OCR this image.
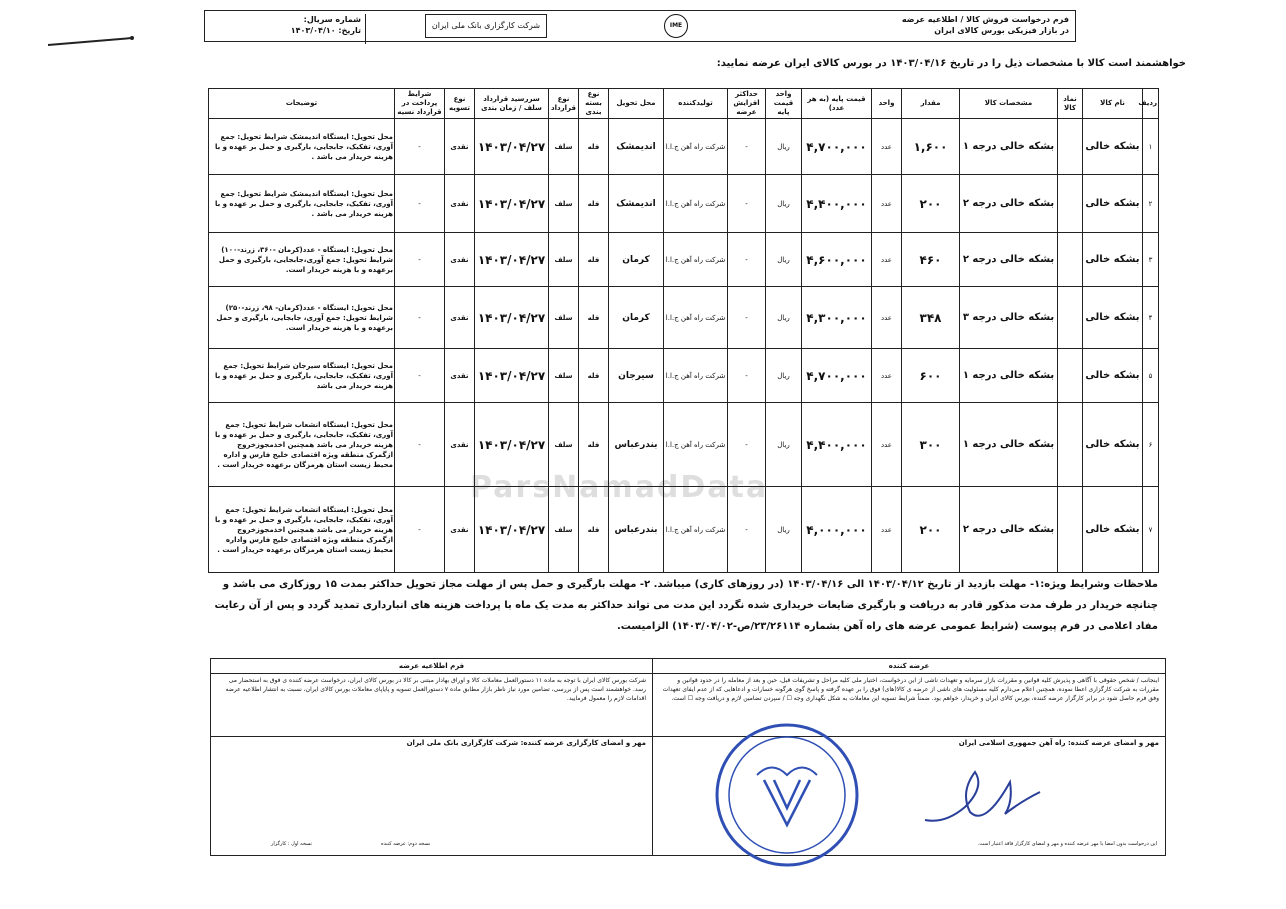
فرم درخواست فروش کالا / اطلاعیه عرضه
در بازار فیزیکی بورس کالای ایران
شماره سریال:
تاریخ: ۱۴۰۳/۰۴/۱۰
شرکت کارگزاری بانک ملی ایران	IME
خواهشمند است کالا با مشخصات ذیل را در تاریخ ۱۴۰۳/۰۴/۱۶ در بورس کالای ایران عرضه نمایید:
ParsNamadData
ردیف	نام کالا	نماد کالا	مشخصات کالا	مقدار	واحد	قیمت پایه (به هر عدد)	واحد قیمت پایه	حداکثر افزایش عرضه	تولیدکننده	محل تحویل	نوع بسته بندی	نوع قرارداد	سررسید قرارداد سلف / زمان بندی	نوع تسویه	شرایط پرداخت در قرارداد نسیه	توضیحات
۱	بشکه خالی		بشکه خالی درجه ۱	۱,۶۰۰	عدد	۴,۷۰۰,۰۰۰	ریال	-	شرکت راه آهن ج.ا.ا	اندیمشک	فله	سلف	۱۴۰۳/۰۴/۲۷	نقدی	-	محل تحویل: ایستگاه اندیمشک شرایط تحویل: جمع آوری، تفکیک، جابجایی، بارگیری و حمل بر عهده و با هزینه خریدار می باشد .
۲	بشکه خالی		بشکه خالی درجه ۲	۲۰۰	عدد	۴,۴۰۰,۰۰۰	ریال	-	شرکت راه آهن ج.ا.ا	اندیمشک	فله	سلف	۱۴۰۳/۰۴/۲۷	نقدی	-	محل تحویل: ایستگاه اندیمشک شرایط تحویل: جمع آوری، تفکیک، جابجایی، بارگیری و حمل بر عهده و با هزینه خریدار می باشد .
۳	بشکه خالی		بشکه خالی درجه ۲	۴۶۰	عدد	۴,۶۰۰,۰۰۰	ریال	-	شرکت راه آهن ج.ا.ا	کرمان	فله	سلف	۱۴۰۳/۰۴/۲۷	نقدی	-	محل تحویل: ایستگاه - عدد(کرمان -۳۶۰، زرند-۱۰۰) شرایط تحویل: جمع آوری،جابجایی، بارگیری و حمل برعهده و با هزینه خریدار است.
۴	بشکه خالی		بشکه خالی درجه ۳	۳۴۸	عدد	۴,۳۰۰,۰۰۰	ریال	-	شرکت راه آهن ج.ا.ا	کرمان	فله	سلف	۱۴۰۳/۰۴/۲۷	نقدی	-	محل تحویل: ایستگاه - عدد(کرمان- ۹۸، زرند-۲۵۰) شرایط تحویل: جمع آوری، جابجایی، بارگیری و حمل برعهده و با هزینه خریدار است.
۵	بشکه خالی		بشکه خالی درجه ۱	۶۰۰	عدد	۴,۷۰۰,۰۰۰	ریال	-	شرکت راه آهن ج.ا.ا	سیرجان	فله	سلف	۱۴۰۳/۰۴/۲۷	نقدی	-	محل تحویل: ایستگاه سیرجان شرایط تحویل: جمع آوری، تفکیک، جابجایی، بارگیری و حمل بر عهده و با هزینه خریدار می باشد
۶	بشکه خالی		بشکه خالی درجه ۱	۳۰۰	عدد	۴,۴۰۰,۰۰۰	ریال	-	شرکت راه آهن ج.ا.ا	بندرعباس	فله	سلف	۱۴۰۳/۰۴/۲۷	نقدی	-	محل تحویل: ایستگاه انشعاب شرایط تحویل: جمع آوری، تفکیک، جابجایی، بارگیری و حمل بر عهده و با هزینه خریدار می باشد همچنین اخذمجوزخروج ازگمرک منطقه ویژه اقتصادی خلیج فارس و اداره محیط زیست استان هرمزگان برعهده خریدار است .
۷	بشکه خالی		بشکه خالی درجه ۲	۲۰۰	عدد	۴,۰۰۰,۰۰۰	ریال	-	شرکت راه آهن ج.ا.ا	بندرعباس	فله	سلف	۱۴۰۳/۰۴/۲۷	نقدی	-	محل تحویل: ایستگاه انشعاب شرایط تحویل: جمع آوری، تفکیک، جابجایی، بارگیری و حمل بر عهده و با هزینه خریدار می باشد همچنین اخذمجوزخروج ازگمرک منطقه ویژه اقتصادی خلیج فارس واداره محیط زیست استان هرمزگان برعهده خریدار است .
ملاحظات وشرایط ویژه:۱- مهلت بازدید از تاریخ ۱۴۰۳/۰۴/۱۲ الی ۱۴۰۳/۰۴/۱۶ (در روزهای کاری) میباشد. ۲- مهلت بارگیری و حمل پس از مهلت مجاز تحویل حداکثر بمدت ۱۵ روزکاری می باشد و چنانچه خریدار در طرف مدت مذکور قادر به دریافت و بارگیری ضایعات خریداری شده نگردد این مدت می تواند حداکثر به مدت یک ماه با پرداخت هزینه های انبارداری تمدید گردد و پس از آن رعایت مفاد اعلامی در فرم پیوست (شرایط عمومی عرضه های راه آهن بشماره ۲۳/۲۶۱۱۴/ص-۱۴۰۳/۰۴/۰۲) الزامیست.
عرضه کننده
اینجانب / شخص حقوقی با آگاهی و پذیرش کلیه قوانین و مقررات بازار سرمایه و تعهدات ناشی از این درخواست، اختیار ملی کلیه مراحل و تشریفات قبل، حین و بعد از معامله را در حدود قوانین و مقررات به شرکت کارگزاری اعطا نموده، همچنین اعلام می‌دارم کلیه مسئولیت های ناشی از عرضه ی کالا(های) فوق را بر عهده گرفته و پاسخ گوی هرگونه خسارات و ادعاهایی که از عدم ایفای تعهدات وفق فرم حاصل شود در برابر کارگزار عرضه کننده، بورس کالای ایران و خریدار، خواهم بود. ضمناً شرایط تسویه این معاملات به شکل نگهداری وجه ☐ / سپردن تضامین لازم و دریافت وجه ☐ است.
مهر و امضای عرضه کننده: راه آهن جمهوری اسلامی ایران
این درخواست بدون امضا یا مهر عرضه کننده و مهر و امضای کارگزار فاقد اعتبار است.
فرم اطلاعیه عرضه
شرکت بورس کالای ایران با توجه به ماده ۱۱ دستورالعمل معاملات کالا و اوراق بهادار مبتنی بر کالا در بورس کالای ایران، درخواست عرضه کننده ی فوق به استحضار می رسد. خواهشمند است پس از بررسی، تضامین مورد نیاز ناظر بازار مطابق ماده ۷ دستورالعمل تسویه و پایاپای معاملات بورس کالای ایران، نسبت به انتشار اطلاعیه عرضه اقدامات لازم را معمول فرمایید.
مهر و امضای کارگزاری عرضه کننده: شرکت کارگزاری بانک ملی ایران
نسخه اول : کارگزار	نسخه دوم: عرضه کننده
